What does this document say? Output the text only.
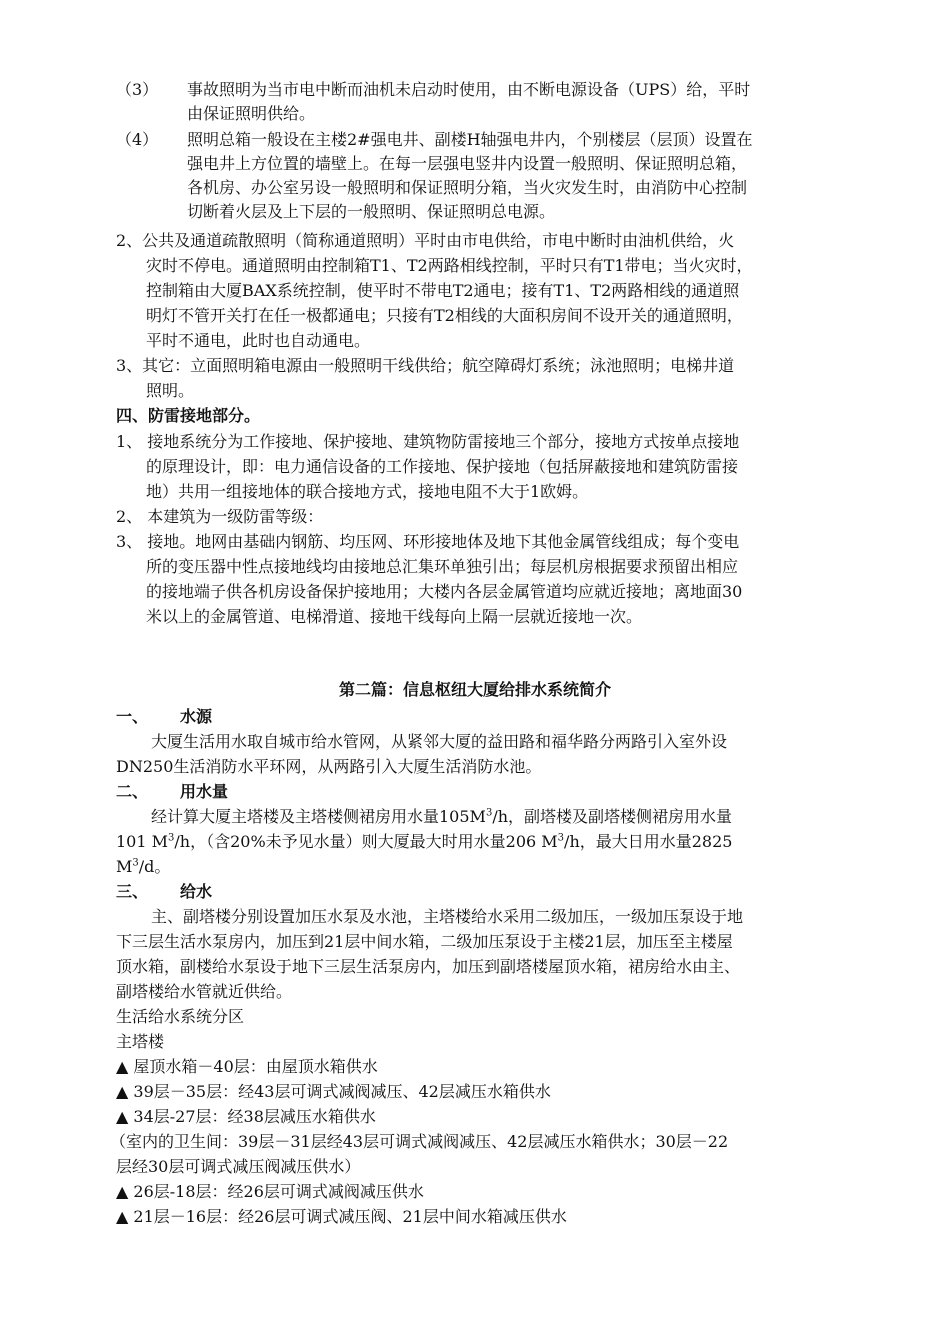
（3） 事故照明为当市电中断而油机未启动时使用，由不断电源设备（UPS）给，平时
由保证照明供给。
（4） 照明总箱一般设在主楼2#强电井、副楼H轴强电井内，个别楼层（层顶）设置在
强电井上方位置的墙壁上。在每一层强电竖井内设置一般照明、保证照明总箱，
各机房、办公室另设一般照明和保证照明分箱，当火灾发生时，由消防中心控制
切断着火层及上下层的一般照明、保证照明总电源。
2、公共及通道疏散照明（简称通道照明）平时由市电供给，市电中断时由油机供给，火
灾时不停电。通道照明由控制箱T1、T2两路相线控制，平时只有T1带电；当火灾时，
控制箱由大厦BAX系统控制，使平时不带电T2通电；接有T1、T2两路相线的通道照
明灯不管开关打在任一极都通电；只接有T2相线的大面积房间不设开关的通道照明，
平时不通电，此时也自动通电。
3、其它：立面照明箱电源由一般照明干线供给；航空障碍灯系统；泳池照明；电梯井道
照明。
四、防雷接地部分。
1、 接地系统分为工作接地、保护接地、建筑物防雷接地三个部分，接地方式按单点接地
的原理设计，即：电力通信设备的工作接地、保护接地（包括屏蔽接地和建筑防雷接
地）共用一组接地体的联合接地方式，接地电阻不大于1欧姆。
2、 本建筑为一级防雷等级：
3、 接地。地网由基础内钢筋、均压网、环形接地体及地下其他金属管线组成；每个变电
所的变压器中性点接地线均由接地总汇集环单独引出；每层机房根据要求预留出相应
的接地端子供各机房设备保护接地用；大楼内各层金属管道均应就近接地；离地面30
米以上的金属管道、电梯滑道、接地干线每向上隔一层就近接地一次。
第二篇：信息枢纽大厦给排水系统简介
一、 水源
大厦生活用水取自城市给水管网，从紧邻大厦的益田路和福华路分两路引入室外设
DN250生活消防水平环网，从两路引入大厦生活消防水池。
二、 用水量
经计算大厦主塔楼及主塔楼侧裙房用水量$105M^3/h$，副塔楼及副塔楼侧裙房用水量
101 $M^3/h$，（含20%未予见水量）则大厦最大时用水量206 $M^3/h$，最大日用水量2825
$M^3/d$。
三、 给水
主、副塔楼分别设置加压水泵及水池，主塔楼给水采用二级加压，一级加压泵设于地
下三层生活水泵房内，加压到21层中间水箱，二级加压泵设于主楼21层，加压至主楼屋
顶水箱，副楼给水泵设于地下三层生活泵房内，加压到副塔楼屋顶水箱，裙房给水由主、
副塔楼给水管就近供给。
生活给水系统分区
主塔楼
▲ 屋顶水箱－40层：由屋顶水箱供水
▲ 39层－35层：经43层可调式减阀减压、42层减压水箱供水
▲ 34层-27层：经38层减压水箱供水
（室内的卫生间：39层－31层经43层可调式减阀减压、42层减压水箱供水；30层－22
层经30层可调式减压阀减压供水）
▲ 26层-18层：经26层可调式减阀减压供水
▲ 21层－16层：经26层可调式减压阀、21层中间水箱减压供水
